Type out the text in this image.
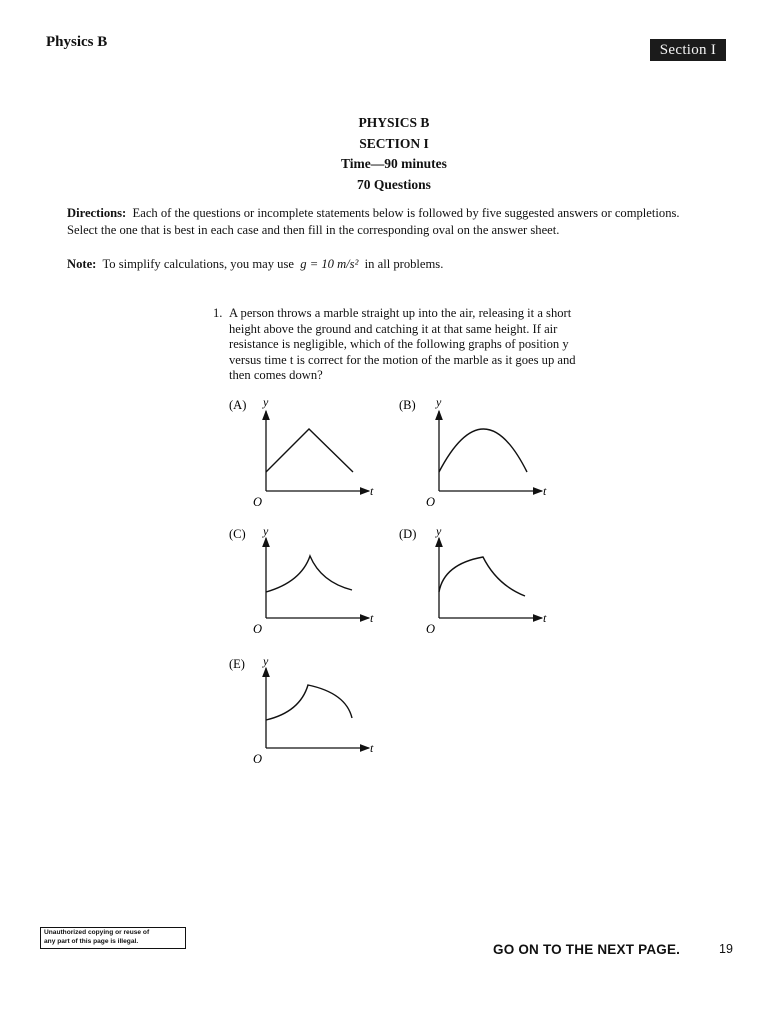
Physics B	Section I
PHYSICS B
SECTION I
Time—90 minutes
70 Questions
Directions: Each of the questions or incomplete statements below is followed by five suggested answers or completions. Select the one that is best in each case and then fill in the corresponding oval on the answer sheet.
Note: To simplify calculations, you may use g = 10 m/s² in all problems.
1. A person throws a marble straight up into the air, releasing it a short height above the ground and catching it at that same height. If air resistance is negligible, which of the following graphs of position y versus time t is correct for the motion of the marble as it goes up and then comes down?
(A) y
t
O
(B) y
t
O
(C) y
t
O
(D) y
t
O
(E) y
t
O
Unauthorized copying or reuse of
any part of this page is illegal.
GO ON TO THE NEXT PAGE.	19
